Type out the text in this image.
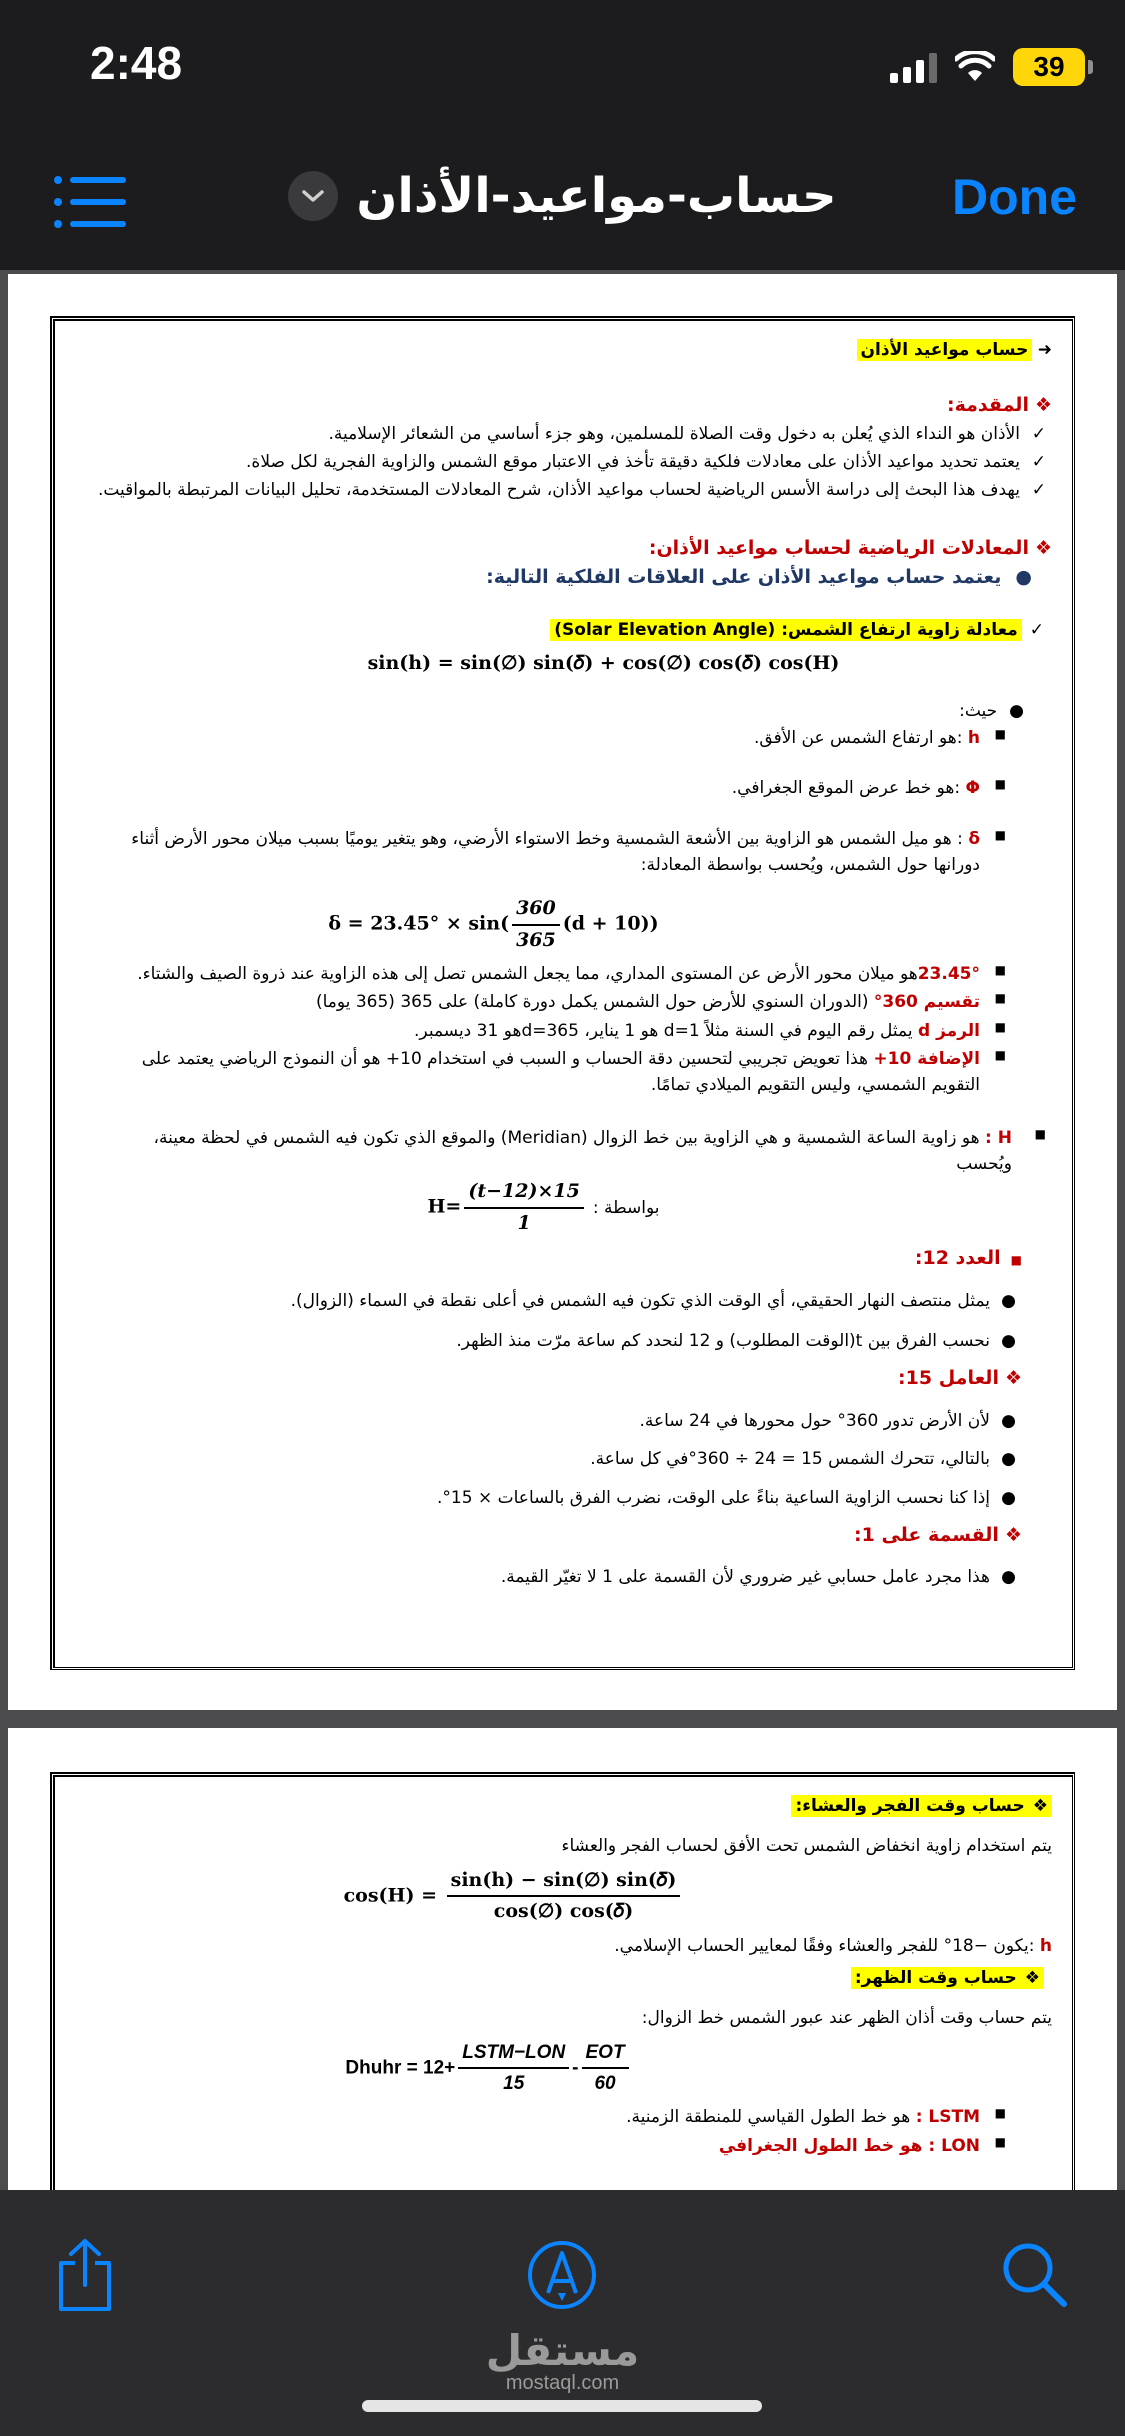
2:48	39
حساب-مواعيد-الأذان Done
➜ حساب مواعيد الأذان
❖المقدمة:
✓
الأذان هو النداء الذي يُعلن به دخول وقت الصلاة للمسلمين، وهو جزء أساسي من الشعائر الإسلامية.
✓
يعتمد تحديد مواعيد الأذان على معادلات فلكية دقيقة تأخذ في الاعتبار موقع الشمس والزاوية الفجرية لكل صلاة.
✓
يهدف هذا البحث إلى دراسة الأسس الرياضية لحساب مواعيد الأذان، شرح المعادلات المستخدمة، تحليل البيانات المرتبطة بالمواقيت.
❖المعادلات الرياضية لحساب مواعيد الأذان:
●يعتمد حساب مواعيد الأذان على العلاقات الفلكية التالية:
✓معادلة زاوية ارتفاع الشمس: (Solar Elevation Angle)
sin(h) = sin(∅) sin(𝛿) + cos(∅) cos(𝛿) cos(H)
●حيث:
■
h :هو ارتفاع الشمس عن الأفق.
■
Φ :هو خط عرض الموقع الجغرافي.
■
δ : هو ميل الشمس هو الزاوية بين الأشعة الشمسية وخط الاستواء الأرضي، وهو يتغير يوميًا بسبب ميلان محور الأرض أثناء دورانها حول الشمس، ويُحسب بواسطة المعادلة:
$\delta = 23.45^\circ \times \sin( \frac{360}{365} (d + 10))$
■
23.45°هو ميلان محور الأرض عن المستوى المداري، مما يجعل الشمس تصل إلى هذه الزاوية عند ذروة الصيف والشتاء.
■
تقسيم 360° (الدوران السنوي للأرض حول الشمس يكمل دورة كاملة) على 365 (365 يوما)
■
الرمز d يمثل رقم اليوم في السنة مثلاً d=1 هو 1 يناير، d=365هو 31 ديسمبر.
■
الإضافة 10+ هذا تعويض تجريبي لتحسين دقة الحساب و السبب في استخدام 10+ هو أن النموذج الرياضي يعتمد على التقويم الشمسي، وليس التقويم الميلادي تمامًا.
■
H : هو زاوية الساعة الشمسية و هي الزاوية بين خط الزوال (Meridian) والموقع الذي تكون فيه الشمس في لحظة معينة، ويُحسب
بواسطة :
$H= \frac{(t-12)\times 15}{1}$
■العدد 12:
●
يمثل منتصف النهار الحقيقي، أي الوقت الذي تكون فيه الشمس في أعلى نقطة في السماء (الزوال).
●
نحسب الفرق بين t(الوقت المطلوب) و 12 لنحدد كم ساعة مرّت منذ الظهر.
❖العامل 15:
●
لأن الأرض تدور 360° حول محورها في 24 ساعة.
●
بالتالي، تتحرك الشمس 15 = 24 ÷ 360°في كل ساعة.
●
إذا كنا نحسب الزاوية الساعية بناءً على الوقت، نضرب الفرق بالساعات × 15°.
❖القسمة على 1:
●
هذا مجرد عامل حسابي غير ضروري لأن القسمة على 1 لا تغيّر القيمة.
❖حساب وقت الفجر والعشاء:
يتم استخدام زاوية انخفاض الشمس تحت الأفق لحساب الفجر والعشاء
$\cos(H) = \frac{\text{sin(h) − sin(∅) sin(𝛿)}}{\text{cos(∅) cos(𝛿)}}$
h :يكون −18° للفجر والعشاء وفقًا لمعايير الحساب الإسلامي.
❖حساب وقت الظهر:
يتم حساب وقت أذان الظهر عند عبور الشمس خط الزوال:
Dhuhr = $12+ \frac{\text{LSTM−LON}}{15} - \frac{\text{EOT}}{60}$
■
LSTM : هو خط الطول القياسي للمنطقة الزمنية.
■
LON : هو خط الطول الجغرافي
مستقل
mostaql.com
